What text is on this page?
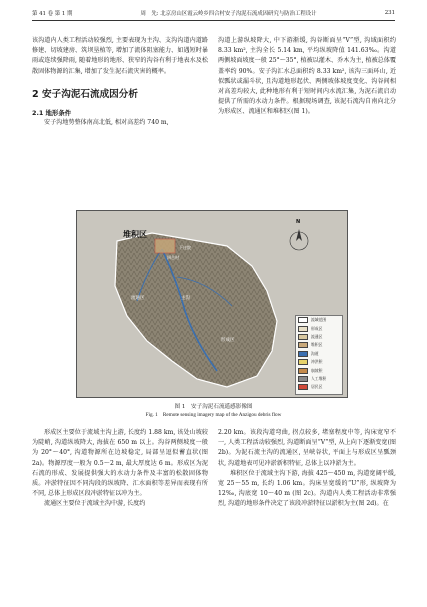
第 41 卷 第 1 期	周　先: 北京房山区霞云岭乡四合村安子沟泥石流成因研究与防治工程设计	231

该沟道内人类工程活动较强烈, 主要表现为主沟、支沟沟道内道路修建、切坡建房、筑坝垦植等, 增加了流体阻塞能力、如遇短时暴雨或连续强降雨, 随着地形的地形、狭窄的沟谷有利于地表水及松散固体物源的汇集, 增加了发生泥石流灾害的概率。

2 安子沟泥石流成因分析
2.1 地形条件

安子沟地势整体南高北低, 相对高差约 740 m,

沟道上游纵坡降大, 中下游渐缓, 沟谷断面呈“V”型, 沟域面积约 8.33 km², 主沟全长 5.14 km, 平均纵坡降值 141.63‰。沟道两侧坡面坡度一般 25°～35°, 植被以灌木、乔木为主, 植被总体覆盖率约 90%。安子沟汇水总面积约 8.33 km², 该沟三面环山, 近似瓢状或漏斗状, 且沟道地形起伏、两侧坡体坡度变化、沟谷间相对高差均较大, 此种地形有利于短时间内水流汇集, 为泥石流启动提供了所需的水动力条件。根据现场调查, 该泥石流沟自南向北分为形成区、流通区和堆积区(图 1)。

堆积区
四合村
下庄院
流通区	主沟
形成区
N
流域范围
形成区
流通区
堆积区
沟道
冲洪积
崩坡积
人工堆积
居民区
图 1　安子沟泥石流遥感影像图
Fig. 1　Remote sensing imagery map of the Anzigou debris flow

形成区主要位于流域主沟上游, 长度约 1.88 km, 该处山坡较为陡峭, 沟道纵坡降大, 海拔在 650 m 以上。沟谷两侧坡度一般为 20°～40°, 沟道物源所在边坡稳定, 局部呈逗似蓄直状(图 2a)。物源厚度一般为 0.5～2 m, 最大厚度达 6 m。形成区为泥石流的形成、发展提供强大的水动力条件及丰富的松散固体物质。冲淤特征因不同沟段的纵坡降、汇水面积等差异而表现有所不同, 总体上形成区段冲淤特征以冲为主。

流通区主要位于流域主沟中游, 长度约

2.20 km。该段沟道弯曲, 拐点较多, 堵塞程度中等, 沟床宽窄不一, 人类工程活动较强烈, 沟道断面呈“V”型, 从上向下逐渐变宽(图 2b)。为泥石流主沟的流通区, 呈峡谷状, 平面上与形成区呈瓢颈状, 沟道地表可见冲淤新积特征, 总体上以冲淤为主。

堆积区位于流域主沟下游, 海拔 425～450 m, 沟道宽阔平缓, 宽 25～55 m, 长约 1.06 km。沟床呈宽缓的“U”形, 纵坡降为 12‰, 沟底宽 10～40 m (图 2c)。沟道内人类工程活动非常强烈, 沟道的地形条件决定了该段冲淤特征以淤积为主(图 2d)。在
